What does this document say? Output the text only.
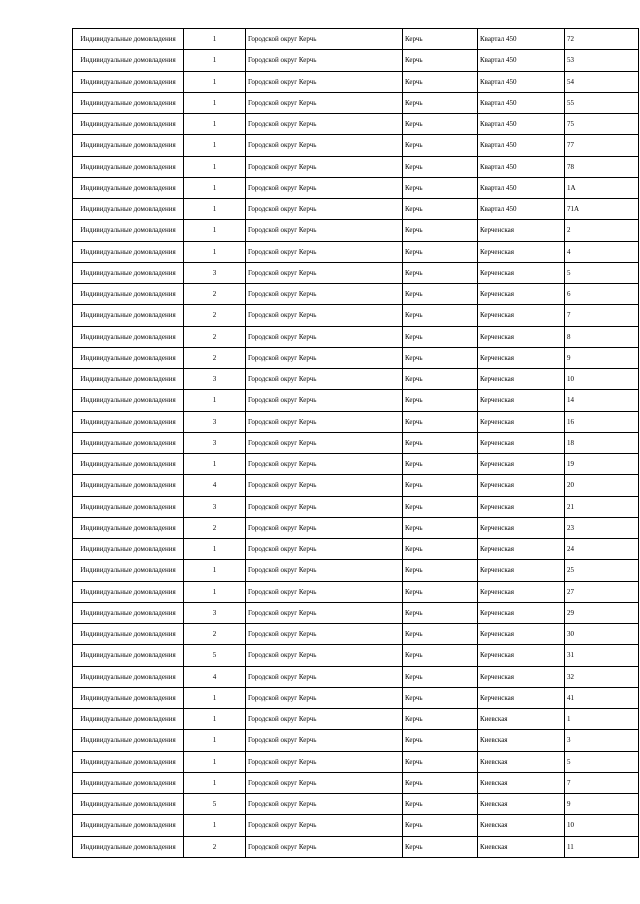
Индивидуальные домовладения	1	Городской округ Керчь	Керчь	Квартал 450	72
Индивидуальные домовладения	1	Городской округ Керчь	Керчь	Квартал 450	53
Индивидуальные домовладения	1	Городской округ Керчь	Керчь	Квартал 450	54
Индивидуальные домовладения	1	Городской округ Керчь	Керчь	Квартал 450	55
Индивидуальные домовладения	1	Городской округ Керчь	Керчь	Квартал 450	75
Индивидуальные домовладения	1	Городской округ Керчь	Керчь	Квартал 450	77
Индивидуальные домовладения	1	Городской округ Керчь	Керчь	Квартал 450	78
Индивидуальные домовладения	1	Городской округ Керчь	Керчь	Квартал 450	1А
Индивидуальные домовладения	1	Городской округ Керчь	Керчь	Квартал 450	71А
Индивидуальные домовладения	1	Городской округ Керчь	Керчь	Керченская	2
Индивидуальные домовладения	1	Городской округ Керчь	Керчь	Керченская	4
Индивидуальные домовладения	3	Городской округ Керчь	Керчь	Керченская	5
Индивидуальные домовладения	2	Городской округ Керчь	Керчь	Керченская	6
Индивидуальные домовладения	2	Городской округ Керчь	Керчь	Керченская	7
Индивидуальные домовладения	2	Городской округ Керчь	Керчь	Керченская	8
Индивидуальные домовладения	2	Городской округ Керчь	Керчь	Керченская	9
Индивидуальные домовладения	3	Городской округ Керчь	Керчь	Керченская	10
Индивидуальные домовладения	1	Городской округ Керчь	Керчь	Керченская	14
Индивидуальные домовладения	3	Городской округ Керчь	Керчь	Керченская	16
Индивидуальные домовладения	3	Городской округ Керчь	Керчь	Керченская	18
Индивидуальные домовладения	1	Городской округ Керчь	Керчь	Керченская	19
Индивидуальные домовладения	4	Городской округ Керчь	Керчь	Керченская	20
Индивидуальные домовладения	3	Городской округ Керчь	Керчь	Керченская	21
Индивидуальные домовладения	2	Городской округ Керчь	Керчь	Керченская	23
Индивидуальные домовладения	1	Городской округ Керчь	Керчь	Керченская	24
Индивидуальные домовладения	1	Городской округ Керчь	Керчь	Керченская	25
Индивидуальные домовладения	1	Городской округ Керчь	Керчь	Керченская	27
Индивидуальные домовладения	3	Городской округ Керчь	Керчь	Керченская	29
Индивидуальные домовладения	2	Городской округ Керчь	Керчь	Керченская	30
Индивидуальные домовладения	5	Городской округ Керчь	Керчь	Керченская	31
Индивидуальные домовладения	4	Городской округ Керчь	Керчь	Керченская	32
Индивидуальные домовладения	1	Городской округ Керчь	Керчь	Керченская	41
Индивидуальные домовладения	1	Городской округ Керчь	Керчь	Киевская	1
Индивидуальные домовладения	1	Городской округ Керчь	Керчь	Киевская	3
Индивидуальные домовладения	1	Городской округ Керчь	Керчь	Киевская	5
Индивидуальные домовладения	1	Городской округ Керчь	Керчь	Киевская	7
Индивидуальные домовладения	5	Городской округ Керчь	Керчь	Киевская	9
Индивидуальные домовладения	1	Городской округ Керчь	Керчь	Киевская	10
Индивидуальные домовладения	2	Городской округ Керчь	Керчь	Киевская	11
